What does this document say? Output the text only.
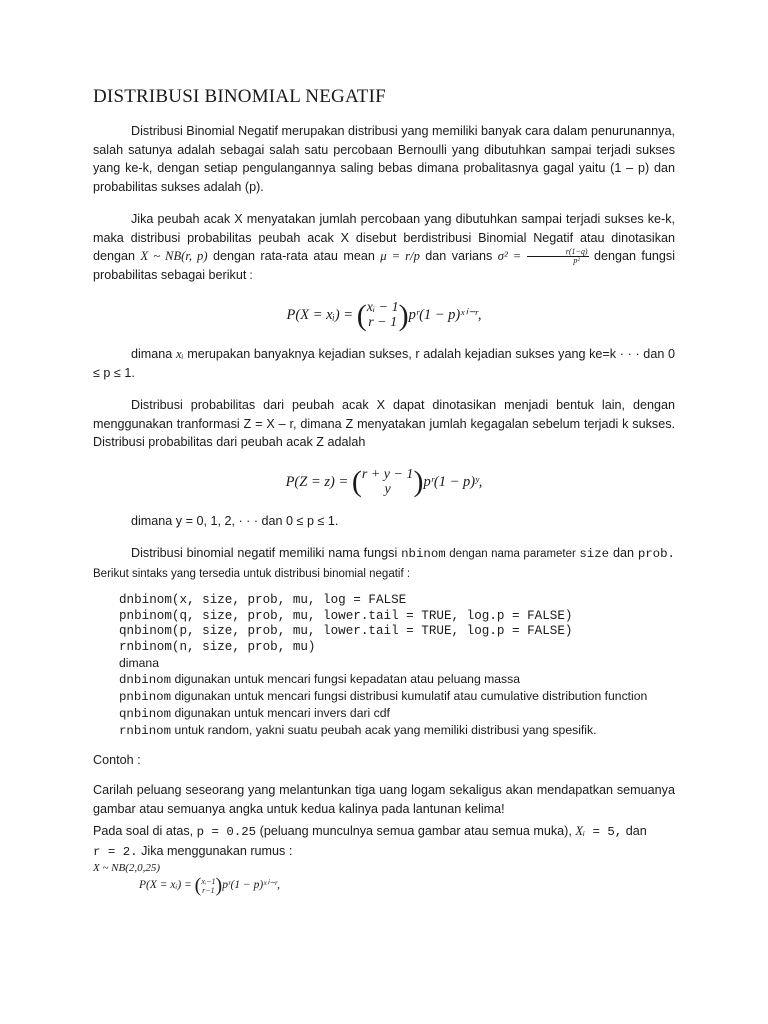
DISTRIBUSI BINOMIAL NEGATIF

Distribusi Binomial Negatif merupakan distribusi yang memiliki banyak cara dalam penurunannya, salah satunya adalah sebagai salah satu percobaan Bernoulli yang dibutuhkan sampai terjadi sukses yang ke-k, dengan setiap pengulangannya saling bebas dimana probalitasnya gagal yaitu (1 – p) dan probabilitas sukses adalah (p).

Jika peubah acak X menyatakan jumlah percobaan yang dibutuhkan sampai terjadi sukses ke-k, maka distribusi probabilitas peubah acak X disebut berdistribusi Binomial Negatif atau dinotasikan dengan X ~ NB(r, p) dengan rata-rata atau mean μ = r/p dan varians $\sigma^2 = \frac{r(1-q)}{\text{p²}}$ dengan fungsi probabilitas sebagai berikut :

P(X = xᵢ) = ( xᵢ − 1
r − 1 )pʳ(1 − p)ˣⁱ⁻ʳ,

dimana xᵢ merupakan banyaknya kejadian sukses, r adalah kejadian sukses yang ke=k · · · dan 0 ≤ p ≤ 1.

Distribusi probabilitas dari peubah acak X dapat dinotasikan menjadi bentuk lain, dengan menggunakan tranformasi Z = X – r, dimana Z menyatakan jumlah kegagalan sebelum terjadi k sukses. Distribusi probabilitas dari peubah acak Z adalah

P(Z = z) = ( r + y − 1
y )pʳ(1 − p)ʸ,

dimana y = 0, 1, 2, · · · dan 0 ≤ p ≤ 1.

Distribusi binomial negatif memiliki nama fungsi nbinom dengan nama parameter size dan prob. Berikut sintaks yang tersedia untuk distribusi binomial negatif :

dnbinom(x, size, prob, mu, log = FALSE
pnbinom(q, size, prob, mu, lower.tail = TRUE, log.p = FALSE)
qnbinom(p, size, prob, mu, lower.tail = TRUE, log.p = FALSE)
rnbinom(n, size, prob, mu)
dimana
dnbinom digunakan untuk mencari fungsi kepadatan atau peluang massa
pnbinom digunakan untuk mencari fungsi distribusi kumulatif atau cumulative distribution function
qnbinom digunakan untuk mencari invers dari cdf
rnbinom untuk random, yakni suatu peubah acak yang memiliki distribusi yang spesifik.
Contoh :

Carilah peluang seseorang yang melantunkan tiga uang logam sekaligus akan mendapatkan semuanya gambar atau semuanya angka untuk kedua kalinya pada lantunan kelima!

Pada soal di atas, p = 0.25 (peluang munculnya semua gambar atau semua muka), Xᵢ = 5, dan
r = 2. Jika menggunakan rumus :

X ~ NB(2,0,25)

P(X = xᵢ) = ( xᵢ−1
r−1 )pʳ(1 − p)ˣⁱ⁻ʳ,
